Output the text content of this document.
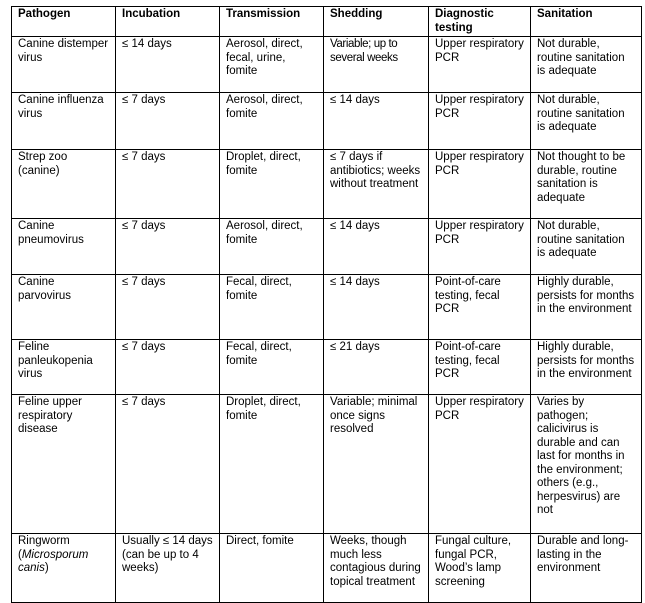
Pathogen	Incubation	Transmission	Shedding	Diagnostic testing	Sanitation
Canine distemper virus	≤ 14 days	Aerosol, direct, fecal, urine, fomite	Variable; up to several weeks	Upper respiratory PCR	Not durable, routine sanitation is adequate
Canine influenza virus	≤ 7 days	Aerosol, direct, fomite	≤ 14 days	Upper respiratory PCR	Not durable, routine sanitation is adequate
Strep zoo (canine)	≤ 7 days	Droplet, direct, fomite	≤ 7 days if antibiotics; weeks without treatment	Upper respiratory PCR	Not thought to be durable, routine sanitation is adequate
Canine pneumovirus	≤ 7 days	Aerosol, direct, fomite	≤ 14 days	Upper respiratory PCR	Not durable, routine sanitation is adequate
Canine parvovirus	≤ 7 days	Fecal, direct, fomite	≤ 14 days	Point-of-care testing, fecal PCR	Highly durable, persists for months in the environment
Feline panleukopenia virus	≤ 7 days	Fecal, direct, fomite	≤ 21 days	Point-of-care testing, fecal PCR	Highly durable, persists for months in the environment
Feline upper respiratory disease	≤ 7 days	Droplet, direct, fomite	Variable; minimal once signs resolved	Upper respiratory PCR	Varies by pathogen; calicivirus is durable and can last for months in the environment; others (e.g., herpesvirus) are not
Ringworm (Microsporum canis)	Usually ≤ 14 days (can be up to 4 weeks)	Direct, fomite	Weeks, though much less contagious during topical treatment	Fungal culture, fungal PCR, Wood’s lamp screening	Durable and long-lasting in the environment
